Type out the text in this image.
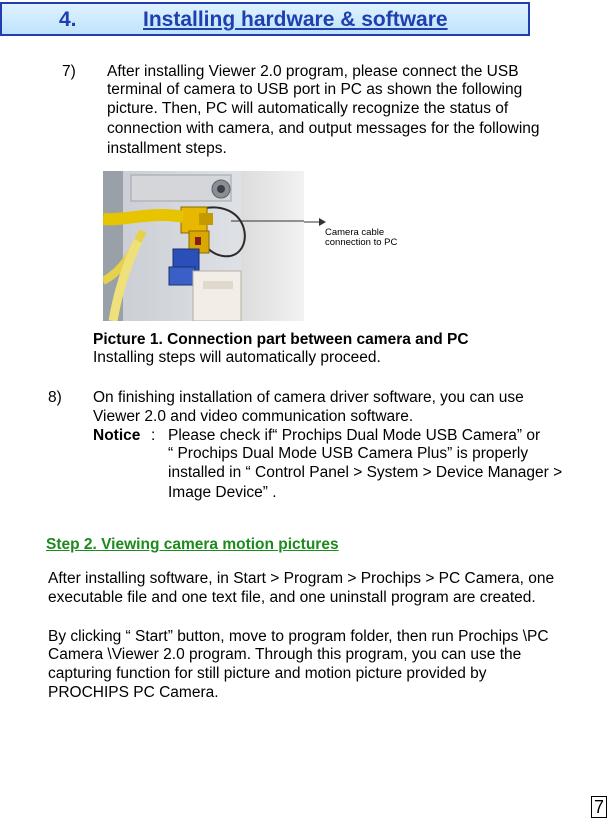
4.	Installing hardware & software
7) After installing Viewer 2.0 program, please connect the USB
terminal of camera to USB port in PC as shown the following
picture. Then, PC will automatically recognize the status of
connection with camera, and output messages for the following
installment steps.
Camera cable
connection to PC
Picture 1. Connection part between camera and PC
Installing steps will automatically proceed.
8) On finishing installation of camera driver software, you can use
Viewer 2.0 and video communication software.
Notice : Please check if“ Prochips Dual Mode USB Camera” or
“ Prochips Dual Mode USB Camera Plus” is properly
installed in “ Control Panel > System > Device Manager >
Image Device” .
Step 2. Viewing camera motion pictures
After installing software, in Start > Program > Prochips > PC Camera, one
executable file and one text file, and one uninstall program are created.
By clicking “ Start” button, move to program folder, then run Prochips \PC
Camera \Viewer 2.0 program. Through this program, you can use the
capturing function for still picture and motion picture provided by
PROCHIPS PC Camera.
7
